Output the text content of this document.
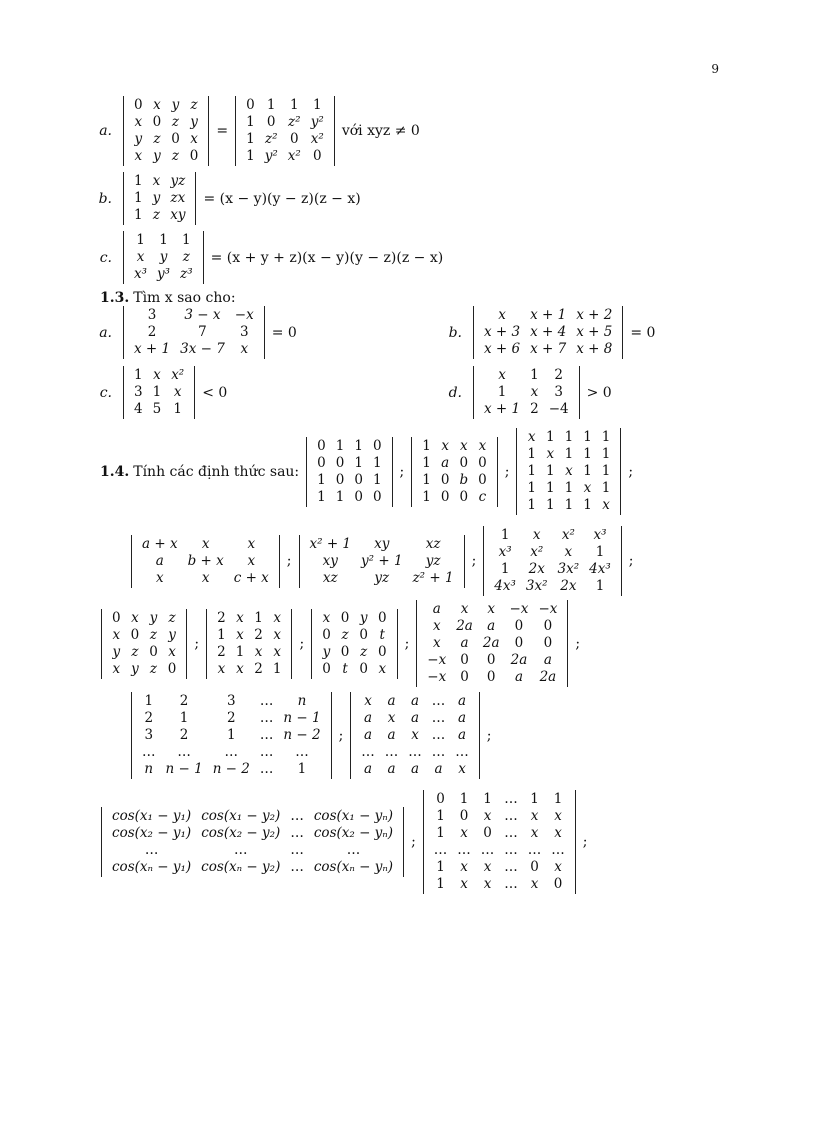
9
a.
0	x	y	z
x	0	z	y
y	z	0	x
x	y	z	0
=
0	1	1	1
1	0	z²	y²
1	z²	0	x²
1	y²	x²	0
với xyz ≠ 0
b.
1	x	yz
1	y	zx
1	z	xy
= (x − y)(y − z)(z − x)
c.
1	1	1
x	y	z
x³	y³	z³
= (x + y + z)(x − y)(y − z)(z − x)
1.3. Tìm x sao cho:
a.
3	3 − x	−x
2	7	3
x + 1	3x − 7	x
= 0	b.
x	x + 1	x + 2
x + 3	x + 4	x + 5
x + 6	x + 7	x + 8
= 0
c.
1	x	x²
3	1	x
4	5	1
< 0	d.
x	1	2
1	x	3
x + 1	2	−4
> 0
1.4. Tính các định thức sau:
0	1	1	0
0	0	1	1
1	0	0	1
1	1	0	0
;
1	x	x	x
1	a	0	0
1	0	b	0
1	0	0	c
;
x	1	1	1	1
1	x	1	1	1
1	1	x	1	1
1	1	1	x	1
1	1	1	1	x
;
a + x	x	x
a	b + x	x
x	x	c + x
;
x² + 1	xy	xz
xy	y² + 1	yz
xz	yz	z² + 1
;
1	x	x²	x³
x³	x²	x	1
1	2x	3x²	4x³
4x³	3x²	2x	1
;
0	x	y	z
x	0	z	y
y	z	0	x
x	y	z	0
;
2	x	1	x
1	x	2	x
2	1	x	x
x	x	2	1
;
x	0	y	0
0	z	0	t
y	0	z	0
0	t	0	x
;
a	x	x	−x	−x
x	2a	a	0	0
x	a	2a	0	0
−x	0	0	2a	a
−x	0	0	a	2a
;
1	2	3	…	n
2	1	2	…	n − 1
3	2	1	…	n − 2
…	…	…	…	…
n	n − 1	n − 2	…	1
;
x	a	a	…	a
a	x	a	…	a
a	a	x	…	a
…	…	…	…	…
a	a	a	a	x
;
cos(x₁ − y₁)	cos(x₁ − y₂)	…	cos(x₁ − yₙ)
cos(x₂ − y₁)	cos(x₂ − y₂)	…	cos(x₂ − yₙ)
…	…	…	…
cos(xₙ − y₁)	cos(xₙ − y₂)	…	cos(xₙ − yₙ)
;
0	1	1	…	1	1
1	0	x	…	x	x
1	x	0	…	x	x
…	…	…	…	…	…
1	x	x	…	0	x
1	x	x	…	x	0
;
